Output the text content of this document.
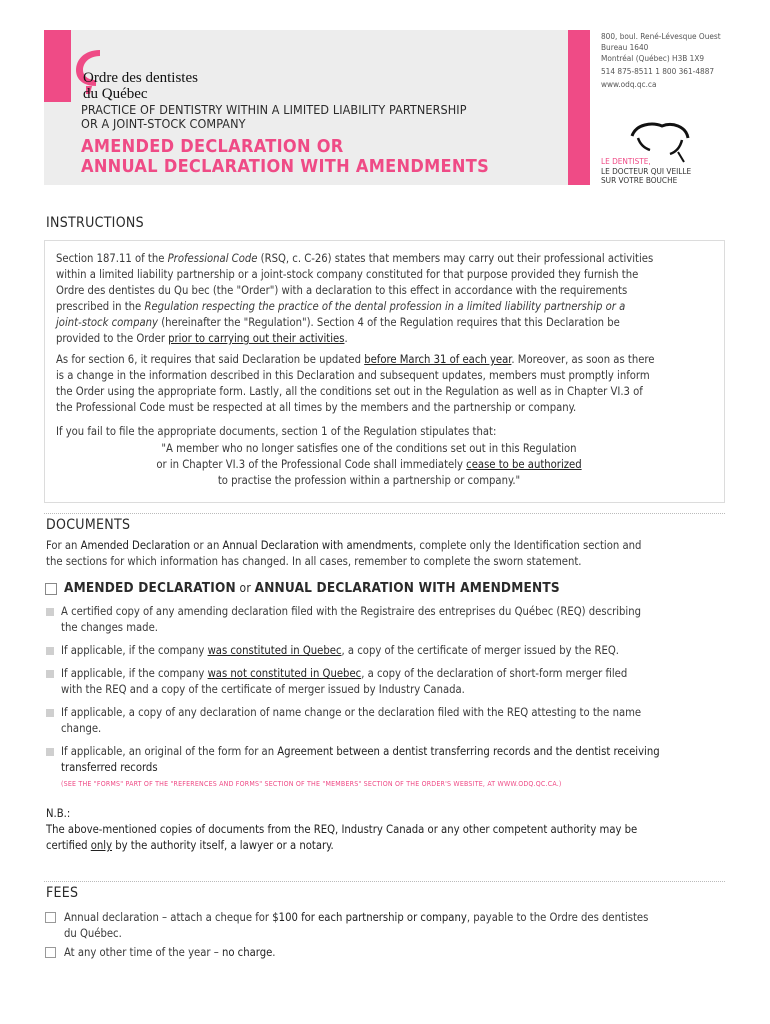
Ordre des dentistes
du Québec
PRACTICE OF DENTISTRY WITHIN A LIMITED LIABILITY PARTNERSHIP
OR A JOINT-STOCK COMPANY
AMENDED DECLARATION OR
ANNUAL DECLARATION WITH AMENDMENTS
800, boul. René-Lévesque Ouest
Bureau 1640
Montréal (Québec) H3B 1X9
514 875-8511 1 800 361-4887
www.odq.qc.ca
LE DENTISTE,
LE DOCTEUR QUI VEILLE
SUR VOTRE BOUCHE
INSTRUCTIONS
Section 187.11 of the Professional Code (RSQ, c. C-26) states that members may carry out their professional activities
within a limited liability partnership or a joint-stock company constituted for that purpose provided they furnish the
Ordre des dentistes du Qu bec (the "Order") with a declaration to this effect in accordance with the requirements
prescribed in the Regulation respecting the practice of the dental profession in a limited liability partnership or a
joint-stock company (hereinafter the "Regulation"). Section 4 of the Regulation requires that this Declaration be
provided to the Order prior to carrying out their activities.
As for section 6, it requires that said Declaration be updated before March 31 of each year. Moreover, as soon as there
is a change in the information described in this Declaration and subsequent updates, members must promptly inform
the Order using the appropriate form. Lastly, all the conditions set out in the Regulation as well as in Chapter VI.3 of
the Professional Code must be respected at all times by the members and the partnership or company.
If you fail to file the appropriate documents, section 1 of the Regulation stipulates that:
"A member who no longer satisfies one of the conditions set out in this Regulation
or in Chapter VI.3 of the Professional Code shall immediately cease to be authorized
to practise the profession within a partnership or company."
DOCUMENTS
For an Amended Declaration or an Annual Declaration with amendments, complete only the Identification section and
the sections for which information has changed. In all cases, remember to complete the sworn statement.
AMENDED DECLARATION or ANNUAL DECLARATION WITH AMENDMENTS
A certified copy of any amending declaration filed with the Registraire des entreprises du Québec (REQ) describing
the changes made.
If applicable, if the company was constituted in Quebec, a copy of the certificate of merger issued by the REQ.
If applicable, if the company was not constituted in Quebec, a copy of the declaration of short-form merger filed
with the REQ and a copy of the certificate of merger issued by Industry Canada.
If applicable, a copy of any declaration of name change or the declaration filed with the REQ attesting to the name
change.
If applicable, an original of the form for an Agreement between a dentist transferring records and the dentist receiving
transferred records
(SEE THE "FORMS" PART OF THE "REFERENCES AND FORMS" SECTION OF THE "MEMBERS" SECTION OF THE ORDER'S WEBSITE, AT WWW.ODQ.QC.CA.)
N.B.:
The above-mentioned copies of documents from the REQ, Industry Canada or any other competent authority may be
certified only by the authority itself, a lawyer or a notary.
FEES
Annual declaration – attach a cheque for $100 for each partnership or company, payable to the Ordre des dentistes
du Québec.
At any other time of the year – no charge.
